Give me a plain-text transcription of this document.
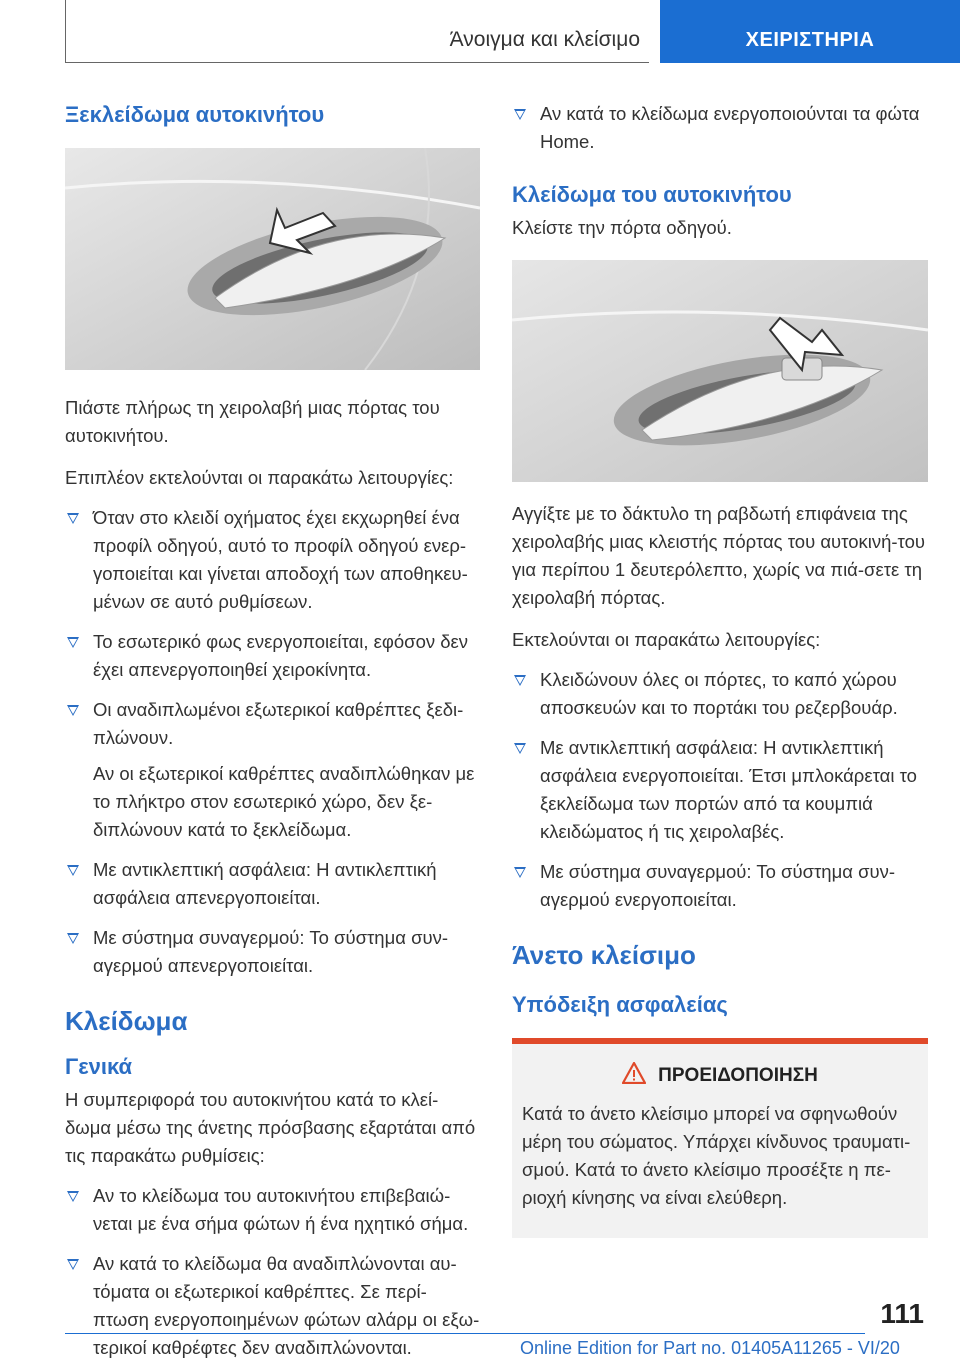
Άνοιγμα και κλείσιμο	ΧΕΙΡΙΣΤΗΡΙΑ
Ξεκλείδωμα αυτοκινήτου
Πιάστε πλήρως τη χειρολαβή μιας πόρτας του αυτοκινήτου.
Επιπλέον εκτελούνται οι παρακάτω λειτουργίες:
Όταν στο κλειδί οχήματος έχει εκχωρηθεί ένα προφίλ οδηγού, αυτό το προφίλ οδηγού ενερ-γοποιείται και γίνεται αποδοχή των αποθηκευ-μένων σε αυτό ρυθμίσεων.
Το εσωτερικό φως ενεργοποιείται, εφόσον δεν έχει απενεργοποιηθεί χειροκίνητα.
Οι αναδιπλωμένοι εξωτερικοί καθρέπτες ξεδι-πλώνουν.
Αν οι εξωτερικοί καθρέπτες αναδιπλώθηκαν με το πλήκτρο στον εσωτερικό χώρο, δεν ξε-διπλώνουν κατά το ξεκλείδωμα.
Με αντικλεπτική ασφάλεια: Η αντικλεπτική ασφάλεια απενεργοποιείται.
Με σύστημα συναγερμού: Το σύστημα συν-αγερμού απενεργοποιείται.
Κλείδωμα
Γενικά
Η συμπεριφορά του αυτοκινήτου κατά το κλεί-δωμα μέσω της άνετης πρόσβασης εξαρτάται από τις παρακάτω ρυθμίσεις:
Αν το κλείδωμα του αυτοκινήτου επιβεβαιώ-νεται με ένα σήμα φώτων ή ένα ηχητικό σήμα.
Αν κατά το κλείδωμα θα αναδιπλώνονται αυ-τόματα οι εξωτερικοί καθρέπτες. Σε περί-πτωση ενεργοποιημένων φώτων αλάρμ οι εξω-τερικοί καθρέφτες δεν αναδιπλώνονται.
Αν κατά το κλείδωμα ενεργοποιούνται τα φώτα Home.
Κλείδωμα του αυτοκινήτου
Κλείστε την πόρτα οδηγού.
Αγγίξτε με το δάκτυλο τη ραβδωτή επιφάνεια της χειρολαβής μιας κλειστής πόρτας του αυτοκινή-του για περίπου 1 δευτερόλεπτο, χωρίς να πιά-σετε τη χειρολαβή πόρτας.
Εκτελούνται οι παρακάτω λειτουργίες:
Κλειδώνουν όλες οι πόρτες, το καπό χώρου αποσκευών και το πορτάκι του ρεζερβουάρ.
Με αντικλεπτική ασφάλεια: Η αντικλεπτική ασφάλεια ενεργοποιείται. Έτσι μπλοκάρεται το ξεκλείδωμα των πορτών από τα κουμπιά κλειδώματος ή τις χειρολαβές.
Με σύστημα συναγερμού: Το σύστημα συν-αγερμού ενεργοποιείται.
Άνετο κλείσιμο
Υπόδειξη ασφαλείας
ΠΡΟΕΙΔΟΠΟΙΗΣΗ
Κατά το άνετο κλείσιμο μπορεί να σφηνωθούν μέρη του σώματος. Υπάρχει κίνδυνος τραυματι-σμού. Κατά το άνετο κλείσιμο προσέξτε η πε-ριοχή κίνησης να είναι ελεύθερη.
111
Online Edition for Part no. 01405A11265 - VI/20
